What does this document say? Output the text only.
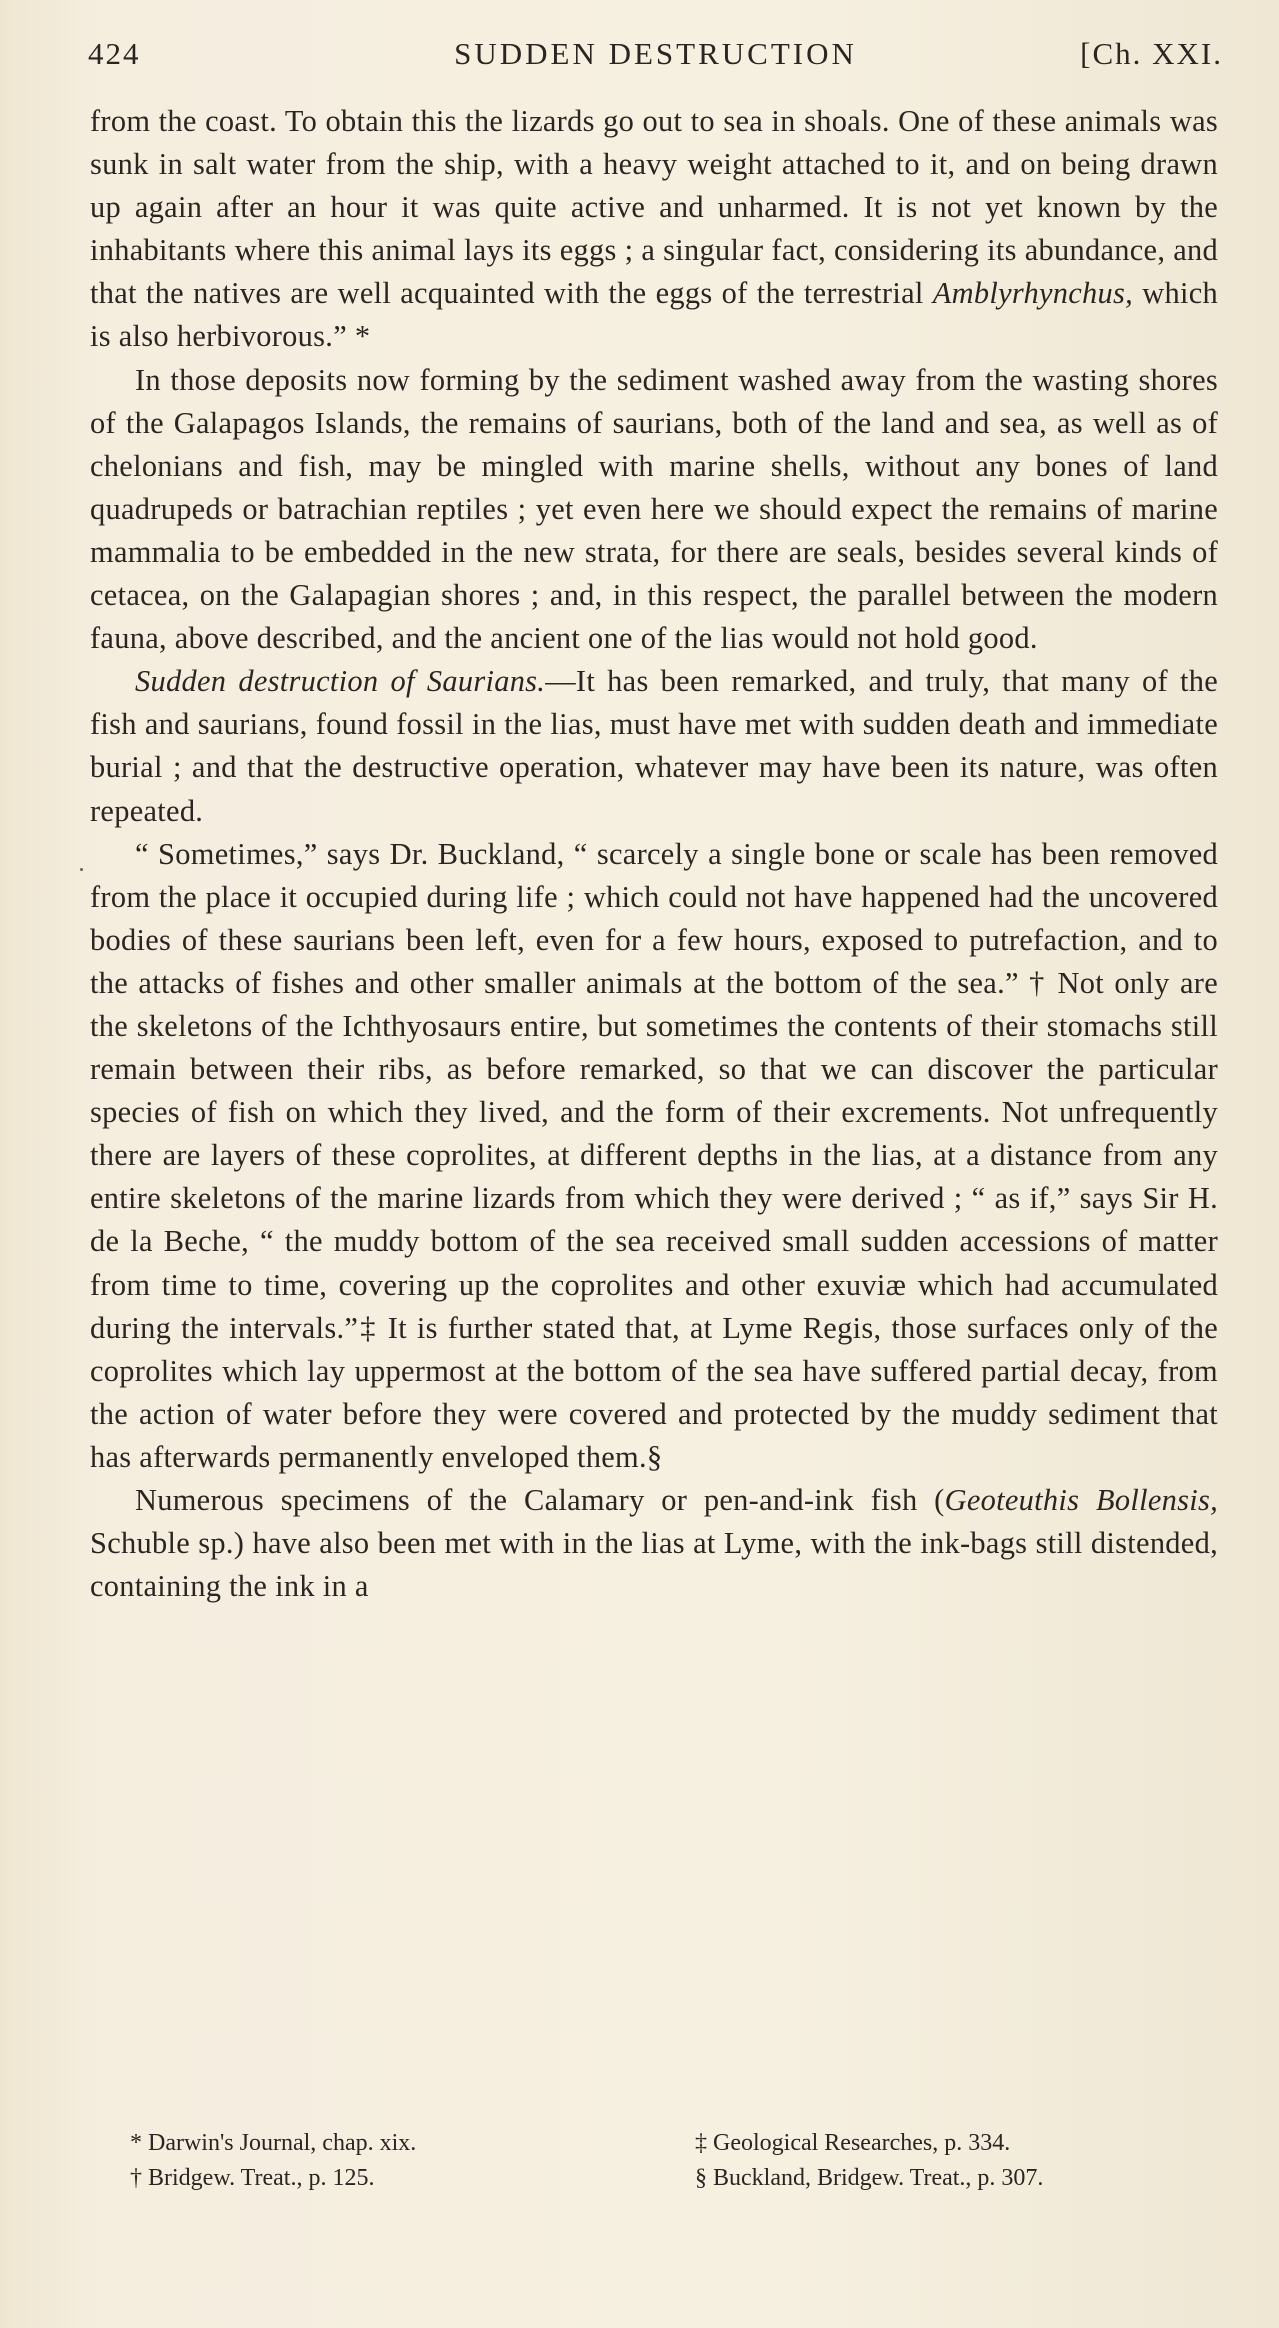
424	SUDDEN DESTRUCTION	[Ch. XXI.

from the coast. To obtain this the lizards go out to sea in shoals. One of these animals was sunk in salt water from the ship, with a heavy weight attached to it, and on being drawn up again after an hour it was quite active and unharmed. It is not yet known by the inhabitants where this animal lays its eggs ; a singular fact, considering its abundance, and that the natives are well acquainted with the eggs of the terrestrial Amblyrhynchus, which is also herbivorous.” *

In those deposits now forming by the sediment washed away from the wasting shores of the Galapagos Islands, the remains of saurians, both of the land and sea, as well as of chelonians and fish, may be mingled with marine shells, without any bones of land quadrupeds or batrachian reptiles ; yet even here we should expect the remains of marine mammalia to be embedded in the new strata, for there are seals, besides several kinds of cetacea, on the Galapagian shores ; and, in this respect, the parallel between the modern fauna, above described, and the ancient one of the lias would not hold good.

Sudden destruction of Saurians.—It has been remarked, and truly, that many of the fish and saurians, found fossil in the lias, must have met with sudden death and immediate burial ; and that the destructive operation, whatever may have been its nature, was often repeated.

“ Sometimes,” says Dr. Buckland, “ scarcely a single bone or scale has been removed from the place it occupied during life ; which could not have happened had the uncovered bodies of these saurians been left, even for a few hours, exposed to putrefaction, and to the attacks of fishes and other smaller animals at the bottom of the sea.” † Not only are the skeletons of the Ichthyosaurs entire, but sometimes the contents of their stomachs still remain between their ribs, as before remarked, so that we can discover the particular species of fish on which they lived, and the form of their excrements. Not unfrequently there are layers of these coprolites, at different depths in the lias, at a distance from any entire skeletons of the marine lizards from which they were derived ; “ as if,” says Sir H. de la Beche, “ the muddy bottom of the sea received small sudden accessions of matter from time to time, covering up the coprolites and other exuviæ which had accumulated during the intervals.”‡ It is further stated that, at Lyme Regis, those surfaces only of the coprolites which lay uppermost at the bottom of the sea have suffered partial decay, from the action of water before they were covered and protected by the muddy sediment that has afterwards permanently enveloped them.§

Numerous specimens of the Calamary or pen-and-ink fish (Geoteuthis Bollensis, Schuble sp.) have also been met with in the lias at Lyme, with the ink-bags still distended, containing the ink in a

* Darwin's Journal, chap. xix.
† Bridgew. Treat., p. 125.
‡ Geological Researches, p. 334.
§ Buckland, Bridgew. Treat., p. 307.
